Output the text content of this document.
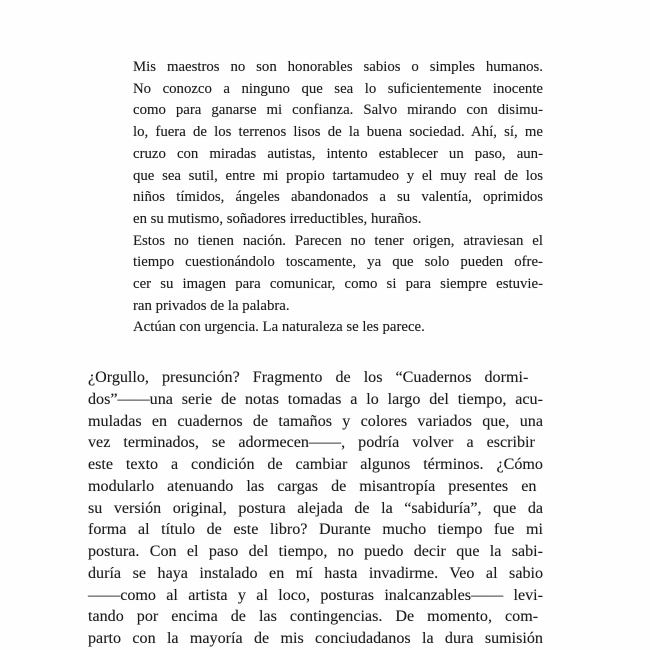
Mis maestros no son honorables sabios o simples humanos.
No conozco a ninguno que sea lo suficientemente inocente
como para ganarse mi confianza. Salvo mirando con disimu-
lo, fuera de los terrenos lisos de la buena sociedad. Ahí, sí, me
cruzo con miradas autistas, intento establecer un paso, aun-
que sea sutil, entre mi propio tartamudeo y el muy real de los
niños tímidos, ángeles abandonados a su valentía, oprimidos
en su mutismo, soñadores irreductibles, huraños.

Estos no tienen nación. Parecen no tener origen, atraviesan el
tiempo cuestionándolo toscamente, ya que solo pueden ofre-
cer su imagen para comunicar, como si para siempre estuvie-
ran privados de la palabra.

Actúan con urgencia. La naturaleza se les parece.

¿Orgullo, presunción? Fragmento de los “Cuadernos dormi-
dos”——una serie de notas tomadas a lo largo del tiempo, acu-
muladas en cuadernos de tamaños y colores variados que, una
vez terminados, se adormecen——, podría volver a escribir
este texto a condición de cambiar algunos términos. ¿Cómo
modularlo atenuando las cargas de misantropía presentes en
su versión original, postura alejada de la “sabiduría”, que da
forma al título de este libro? Durante mucho tiempo fue mi
postura. Con el paso del tiempo, no puedo decir que la sabi-
duría se haya instalado en mí hasta invadirme. Veo al sabio
——como al artista y al loco, posturas inalcanzables—— levi-
tando por encima de las contingencias. De momento, com-
parto con la mayoría de mis conciudadanos la dura sumisión
